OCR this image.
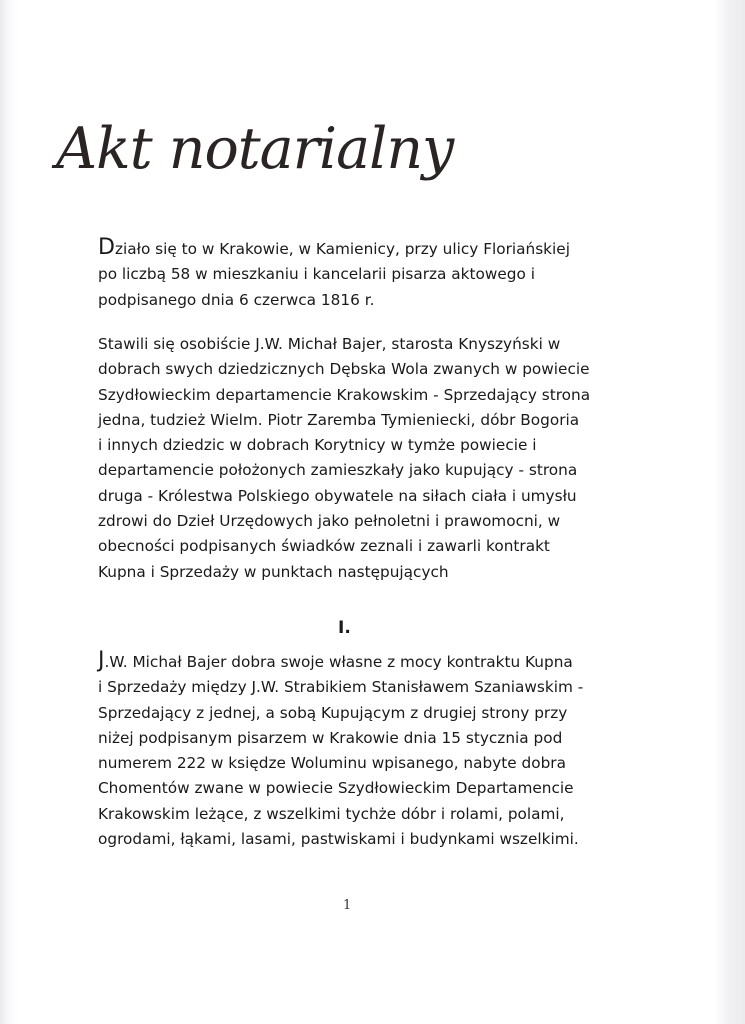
Akt notarialny

Działo się to w Krakowie, w Kamienicy, przy ulicy Floriańskiej

po liczbą 58 w mieszkaniu i kancelarii pisarza aktowego i

podpisanego dnia 6 czerwca 1816 r.

Stawili się osobiście J.W. Michał Bajer, starosta Knyszyński w

dobrach swych dziedzicznych Dębska Wola zwanych w powiecie

Szydłowieckim departamencie Krakowskim - Sprzedający strona

jedna, tudzież Wielm. Piotr Zaremba Tymieniecki, dóbr Bogoria

i innych dziedzic w dobrach Korytnicy w tymże powiecie i

departamencie położonych zamieszkały jako kupujący - strona

druga - Królestwa Polskiego obywatele na siłach ciała i umysłu

zdrowi do Dzieł Urzędowych jako pełnoletni i prawomocni, w

obecności podpisanych świadków zeznali i zawarli kontrakt

Kupna i Sprzedaży w punktach następujących

I.

J.W. Michał Bajer dobra swoje własne z mocy kontraktu Kupna

i Sprzedaży między J.W. Strabikiem Stanisławem Szaniawskim -

Sprzedający z jednej, a sobą Kupującym z drugiej strony przy

niżej podpisanym pisarzem w Krakowie dnia 15 stycznia pod

numerem 222 w księdze Woluminu wpisanego, nabyte dobra

Chomentów zwane w powiecie Szydłowieckim Departamencie

Krakowskim leżące, z wszelkimi tychże dóbr i rolami, polami,

ogrodami, łąkami, lasami, pastwiskami i budynkami wszelkimi.

1
